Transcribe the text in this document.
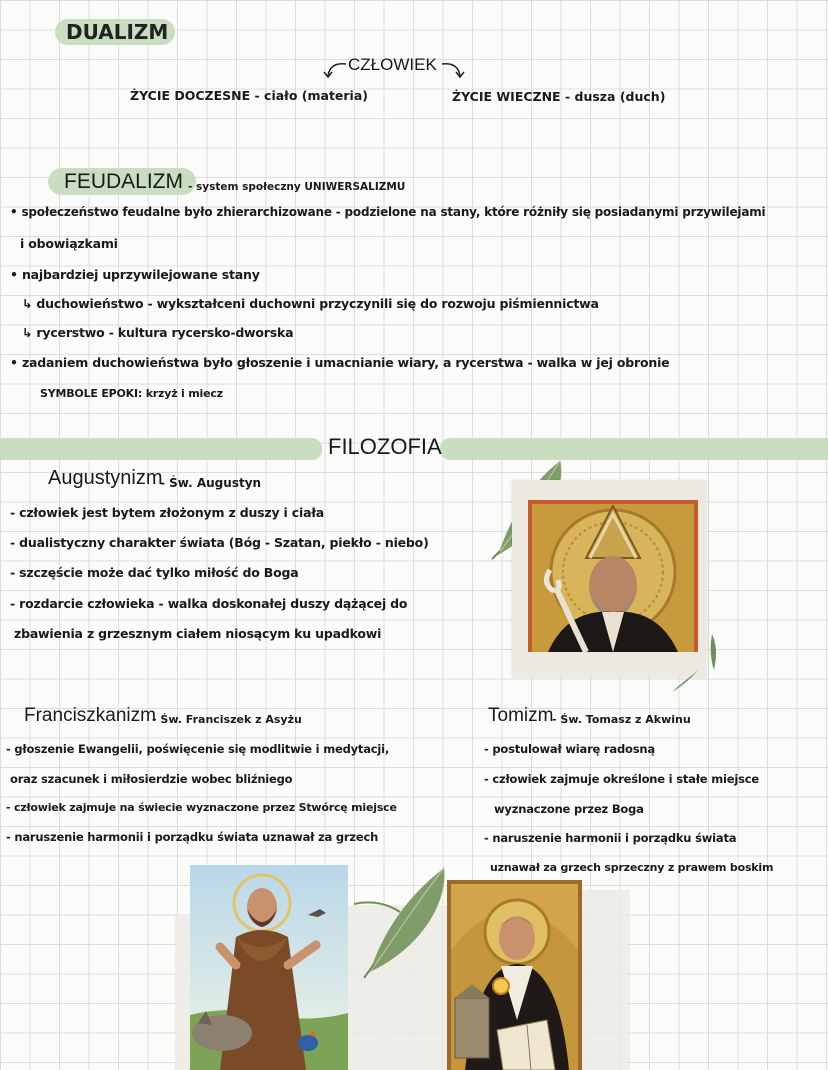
DUALIZM
CZŁOWIEK
ŻYCIE DOCZESNE - ciało (materia)	ŻYCIE WIECZNE - dusza (duch)
FEUDALIZM - system społeczny UNIWERSALIZMU
• społeczeństwo feudalne było zhierarchizowane - podzielone na stany, które różniły się posiadanymi przywilejami
i obowiązkami
• najbardziej uprzywilejowane stany
↳ duchowieństwo - wykształceni duchowni przyczynili się do rozwoju piśmiennictwa
↳ rycerstwo - kultura rycersko-dworska
• zadaniem duchowieństwa było głoszenie i umacnianie wiary, a rycerstwa - walka w jej obronie
SYMBOLE EPOKI: krzyż i miecz
FILOZOFIA
Augustynizm
- Św. Augustyn
- człowiek jest bytem złożonym z duszy i ciała
- dualistyczny charakter świata (Bóg - Szatan, piekło - niebo)
- szczęście może dać tylko miłość do Boga
- rozdarcie człowieka - walka doskonałej duszy dążącej do
zbawienia z grzesznym ciałem niosącym ku upadkowi
Franciszkanizm
- Św. Franciszek z Asyżu
- głoszenie Ewangelii, poświęcenie się modlitwie i medytacji,
oraz szacunek i miłosierdzie wobec bliźniego
- człowiek zajmuje na świecie wyznaczone przez Stwórcę miejsce
- naruszenie harmonii i porządku świata uznawał za grzech
Tomizm
- Św. Tomasz z Akwinu
- postulował wiarę radosną
- człowiek zajmuje określone i stałe miejsce
wyznaczone przez Boga
- naruszenie harmonii i porządku świata
uznawał za grzech sprzeczny z prawem boskim
